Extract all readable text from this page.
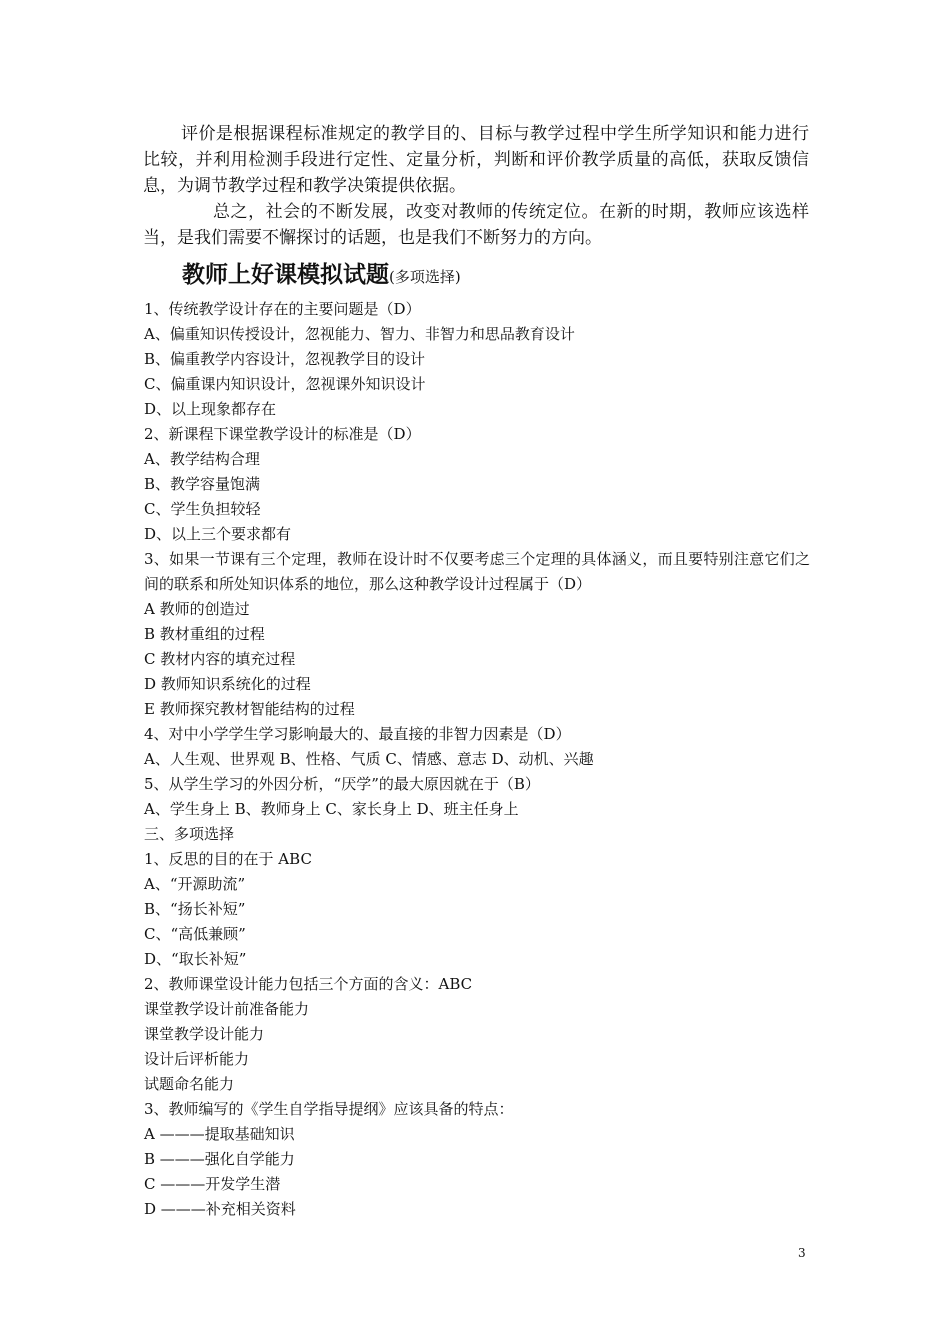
评价是根据课程标准规定的教学目的、目标与教学过程中学生所学知识和能力进行比较，并利用检测手段进行定性、定量分析，判断和评价教学质量的高低，获取反馈信息，为调节教学过程和教学决策提供依据。

总之，社会的不断发展，改变对教师的传统定位。在新的时期，教师应该选样当，是我们需要不懈探讨的话题，也是我们不断努力的方向。

教师上好课模拟试题(多项选择)
1、传统教学设计存在的主要问题是（D）
A、偏重知识传授设计，忽视能力、智力、非智力和思品教育设计
B、偏重教学内容设计，忽视教学目的设计
C、偏重课内知识设计，忽视课外知识设计
D、以上现象都存在
2、新课程下课堂教学设计的标准是（D）
A、教学结构合理
B、教学容量饱满
C、学生负担较轻
D、以上三个要求都有
3、如果一节课有三个定理，教师在设计时不仅要考虑三个定理的具体涵义，而且要特别注意它们之间的联系和所处知识体系的地位，那么这种教学设计过程属于（D）
A 教师的创造过
B 教材重组的过程
C 教材内容的填充过程
D 教师知识系统化的过程
E 教师探究教材智能结构的过程
4、对中小学学生学习影响最大的、最直接的非智力因素是（D）
A、人生观、世界观 B、性格、气质 C、情感、意志 D、动机、兴趣
5、从学生学习的外因分析，“厌学”的最大原因就在于（B）
A、学生身上 B、教师身上 C、家长身上 D、班主任身上
三、多项选择
1、反思的目的在于 ABC
A、“开源助流”
B、“扬长补短”
C、“高低兼顾”
D、“取长补短”
2、教师课堂设计能力包括三个方面的含义：ABC
课堂教学设计前准备能力
课堂教学设计能力
设计后评析能力
试题命名能力
3、教师编写的《学生自学指导提纲》应该具备的特点：
A ———提取基础知识
B ———强化自学能力
C ———开发学生潜
D ———补充相关资料
3
